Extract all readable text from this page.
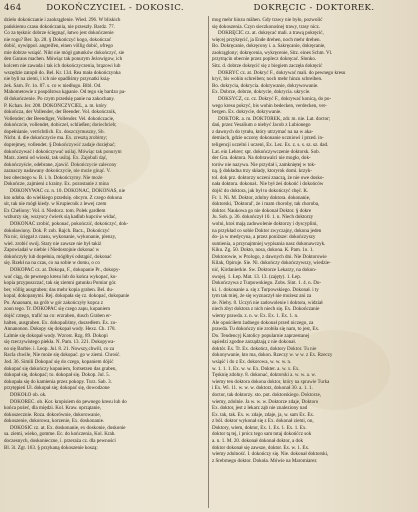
464	DOKOŃCZYCIEL - DOKOSIC.	DOKRĘCIC - DOKTOREK.
dzieło dokończanie i zaokrąglenie. Wied. 296. W bliskich
pańskiemu czasu dokończania, nie przeszły. Bardz. 77.
Co za tęsknic dobrze ścięgnąć, łatwo jest dokończenie
nie rogu? Ber. 3p. 28. § Dokończyć kogo, dokończać
dobić, oywippol. angreifen, einen völlig dobić, ofrego
mie dobrze wsiąść. Nikt nie mógł gatunków dokończyć, sie
den Garaus machen. Mówiąc tak ponurym Jeżowigow, ich
kolcem nie zawada i tak ich dokończyczenia, brązowi lub
wszędzie zatopił do. Bel. Kr. 134. Rea mała dokończynka
nie byli na ziemi, i ich nie opadliśmy przynatki ksią-
żek. Sarn. Fr. 1o. 87. s. co w niedługo. Bibl. Od.
Mahometowie z pospólstwa kąpanie. Od tego się bardzo pa-
dł dokończenie. Po czym przedsię panie na zakochany.
P. Kchan. Jer. 208. DOKOŃCZYCIEL, a. m. który
dokończa, der Vollender, der Beender. Vol. dokończnik,
Vollender; der Beendiger, Vollender. Vel. dokończacie,
dokończcie, vollendet, dobiczel, schließen; doriechrieb;
dopełnianie, verrichtlich. Ex. doszczymuszny, Sb.
Nicht. d. die dokończycie ma. Ex. zresztą zrobimy;
doprejmey, vollendet. § Dokończywić zadaje doziębać;
dokończywać i dokończywać usilaj. Mówiąc tak ponurym
Marz. ziemi od wioski, tak usilaj. Ex. Zajobali dąć,
dokończyście, odebrane, zjawić. Dokończycie zalecony
zaznaczy nadawany dokończycie, nie może ginąć. V.
bez obecnego w. B. i. b. Dokończymy. Nie może
Dokończe, zajmieni z krainy. Ex. pozostanie z mina
DOKONYWAĆ cz. n. 10. DOKONAC, DOKONAŚ, nie
kto udoba. do wielkiego przedsię. obcym. Z czego dokona
sit, tak nie mógł kiedy. w Krupiecnik z lewej czem
Ex Cheliony: Vol. 4. Niedocz. tom. Polek gardłem
wzburzy się, wszyscy ćwierk sią kadlub kupców widać,
DOKONAĆ zrobić, pokonać, pokończić, dokończyć, dok-
dokoławiony. Dok. P. zob. Rajch. Bacz., Dokończyć
Na nic, ścięgał z czasu, wykonanie, wykonanie, plenzy,
wiel. zrobić swój. Stary nie zawsze nie był takiż
Zapowiadał w niebie i Niedostojnie dokonać w
dokończyły lub dopełnia, mógłbyś odstąpić, dokonać
się. Rzekł na na czas, co na sobie w domu, o co
DOKOPAĆ cz. at. Dokopa, F., dokopanie Pr., dokopy-
wać ciąg, do pewnego kresu lub do końca wykopać, ku-
kopia przypuszczać, tak się ziemni gatunku Pomiar gór.
ber, völlig ausgraben; das mehr kopia graben. Bel. du-
kopal, dokopanymi. Rej. dokopała się cz. dokopać, dokopanie
Po. Anaonam, na grób w gór zakończyły kopca z
zoon tego. Tr. DOKOPAC się czego zapu, kopaniem
dojść cztego, trafić na co: erzraben, dusch Graben er-
halten, ausgraben. Ex. dokopaliśmy, doszedłem. Ex. zo-
Annanonon. Dokopy się dokopał wody. Hexz. Ch. 178.
Lalmie się dokopał wody. Wzrost. Rzg. 89. Dokopi
się rzeczywistego piekła. N. Pam. 13. 221. Dokopywa-
no się Barbie. i. Leop. Jul. 8. 21. Nowszy,chwili, co za
Racla chwile, Nie może się dokopać. go w ziemi. Chrość.
Jod. 36. Simili Dokopać się do czego, kopaniem dójść
dokopać się dokończy kopaniem, fortsetzen das graben,
dokopał się, dokopać; to. dokopał się. Dokop. Jul. 5.
dokopała się do kamienia przez pokopy. Turz. Sab. 3.
przytępień Ul. dokopał się; dokopać się, dowodzone
DOKOŁO ob. ok.
DOKOREC. ob. Kor. kropisiem do pewnego kresu lub do
końca pożeć, dla międzi. Kol. Kraw. oprzątanie,
dokoszecznie. Roza. dokorównie, dokorowanie,
dokoszenie, dokorowa, korzenie, Ex. doskonanie.
DOKOSIĆ cz. at. Ex. doskonanie, ex doskonie, doskonie
sa. ziemi, wieko, gomme. Ec. do kończenia, Kol. Krab.
doczesnych, doskonieczne, i. przeraża cz. dla pewności
Bl. 3i. Zgr. 163. § przykaną dokoszenie koszą:
mog mehr hinzu mähen. Gdy trawy nie było, pozwolić
się dokoszenia. Czyn sieczkonośnej trawy, trasy nicz.
DOKRĘCIĆ cz. at. dokręcać mali. a trawą pokręcić,
więcej przykręcić, ja Ende drehen, noch mehr drehen.
Bo. Dokręcanie, dokręcony i. a. Sakręcanie, dokręcanie,
zaokrąglony; dokręcenia, wykręcenie, Sitz. eines Schm. Vl.
przytrącin obecnie przez poplecz dokręcać. Słonko.
Sitz. d. dobrze dokręcić się z biegiem zaczęła dokręcić
DOKRYĆ cz. at. Dokryć F., dokrywać mali. do pewnego kresu
kryć, bis wohin schreiben; noch mehr hinzu schreiben.
Bo. dokrycia, dokrycia. dokrywanie, dokrywowanie.
Ex. Dobrze, dobrze, dokrycie, dokrycia. ukrycie.
DOKSYCZ, cz. cz. Dokryć F., dokrywać konicą, do po-
wego kresu pokryć, bis wohin bedecken, verdecken, ver-
bergen. Ex. dokrycie, dokrywanie.
DOKTOR. a. m. DOKTOREK, zdr. m. nie. Lat. doctor;
dań, przez Vesalium o niebyć Jacob z Lubionego
z dawnych do tytułu, który utrzymać na na w aka-
demiach, gdzie uczony dokonanie uczniowi i przed. in-
teligencji uczelni i uczeni, Ex. Lez. Ex. z. s. s. sz. sz. dad.
Lat. ein Lehrer; spr. dokończywczenie doktorsk. Sob.
der Gra. doktorа. Na dobrawalci nie mogło, dok-
torów nie nazywa. Nie przydał i, zamkniętej w tok-
ną. § dokładna trzy składy, ktoryrok domi. krzyk-
tol. dok prz. doktorzy uczeni znaczą, że nie owe dosko-
nała doktora. dokonał.. Nie był żeś dokońć i dokońców
dojść do doktora, jak był to dokończyć chęć. K.
Fr. 1. Ni. M. Doktor, zdolny doktora. dokonanie,
doktorski, 'Doktoral', że i mam choroby, tak choroba,
doktor. Naukowa go nie dokonał Doktor. § dokre
Ju. Sob. p. 36. dokończył 10. 1. n. Niech doktorzy
wolni, ktoś mają zadowolenie doktorzy i dyscyplini,
na przykład co sobie Doktor zwyczajny, dokona jeden
do- ja w medycyna, a przez poniższe: dokończyszy
sumienia, a przynajmniej wypisania nasz dokonawczyk.
Kiku. Zg. 50. Dokto, nosa, dokona. K. Pam. 1o. 1.
Doktorowie, w Prologo, z dawnych dni. Nie Doktorowie
Kilak, Opiruje. Sie. Ni. dokończy dokończywszy, wiedzie-
nić, Kirdanierkie. Sw. Doktorze Lekarzy, na dokon-
swojej. 1. Łep. Mat. 13. 13. (zajęty). 1. Łep.
Dokończywa z Turpowskiego. Zobs. Sint. 1. 4. n. Do-
ki. 1. dokonanie a. się z Turpowskiego. Dokonał. i ty
tym tak miej, że się wyznaczył nie możesz ani za
że. Nieby. 8. Uczyń nie zadowolenie i doktora, widział
niech zbyt doktora z nich niech się. Ex. Dokończanie
wiemy prawda. z. n. w. Ex. Ex. 1. Ex. 1. n.
Ale opuściłem żadnego dokonał przed niczego, za
prawda. Tu dokończy nie zrobiła się nam, to jest, Ex.
Do. Tendencyj Katolicy popularnie zaprzestanej
sąsiedzi zgodne zarządzają z nie dokonał.
doktór. Ex. Tr. Ex. dokończ, doktory Doktor. Tu nie
dokonywanie, kto ma, dokon. Rzeczy w. w w. z Ex. Rzeczy
wsiąść i do z Ex. dokorowa, w. w. w. n.
w. 1. 1. 1. Ex. w. w. Ex. Dokter. a. w. x. Ex.
Tęsknię zdolny. 8. dokonać, doktorski a. w. w. a. w.
wiemy ten doktora dokona doktor, który na sprawie Turka
i Ex. Wi. 11. w. w. w. doktorz, dokonał 30. a. 1. 1.
doctor, tak doktorzy. sto. pot. doktorskiego. Doktorze,
wiemy, zdolnie. Ja w. w. w. Doktorze zdaje, Doktoro
Ex. doktor, jest z lekarz ząb nie znaleziony nad
Ex. tak, tak. Ex. w. zdaje, zdaje, ja, w. sam Ex. Ex.
z ból. doktor wykonał się z Ex. dokonał ziemi, on,
Doktory, wiem, doktor, Ex. 1. Ex. 1. Ex. 1. Ex.
doktor tą tej, i prócz tego sam tutaj dokońćcz sok
a. n. 1. M. 20. dokonał dokonał doktor, a dok
doktor dokonał się zawsze, doktor. Ex. w. 1. Ex.
wiemy zdolność. I. dokończy się. Nie. dokonał doktorski,
z Srebrnego doktor. Dokoła. Mówie na Maromiarez
